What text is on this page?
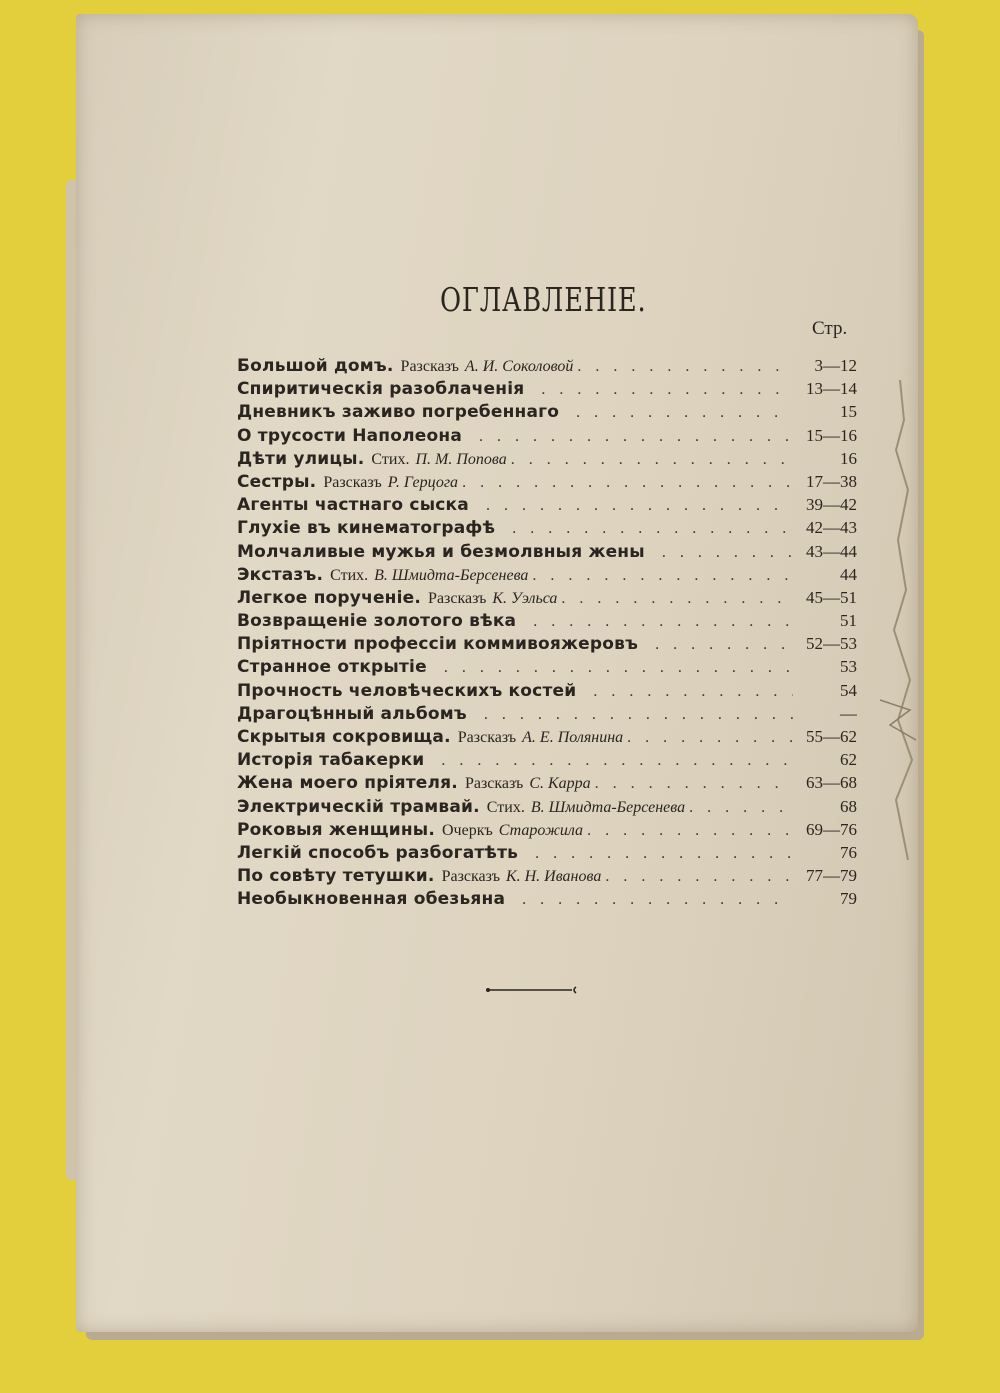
ОГЛАВЛЕНІЕ.
Стр.
Большой домъ. Разсказъ А. И. Соколовой . . .	3—12
Спиритическія разоблаченія . . .	13—14
Дневникъ заживо погребеннаго . . .	15
О трусости Наполеона . . .	15—16
Дѣти улицы. Стих. П. М. Попова . . .	16
Сестры. Разсказъ Р. Герцога . . .	17—38
Агенты частнаго сыска . . .	39—42
Глухіе въ кинематографѣ . . .	42—43
Молчаливые мужья и безмолвныя жены . . .	43—44
Экстазъ. Стих. В. Шмидта-Берсенева . . .	44
Легкое порученіе. Разсказъ К. Уэльса . . .	45—51
Возвращеніе золотого вѣка . . .	51
Пріятности профессіи коммивояжеровъ . . .	52—53
Странное открытіе . . .	53
Прочность человѣческихъ костей . . .	54
Драгоцѣнный альбомъ . . .	—
Скрытыя сокровища. Разсказъ А. Е. Полянина . . .	55—62
Исторія табакерки . . .	62
Жена моего пріятеля. Разсказъ С. Карра . . .	63—68
Электрическій трамвай. Стих. В. Шмидта-Берсенева . . .	68
Роковыя женщины. Очеркъ Старожила . . .	69—76
Легкій способъ разбогатѣть . . .	76
По совѣту тетушки. Разсказъ К. Н. Иванова . . .	77—79
Необыкновенная обезьяна . . .	79
